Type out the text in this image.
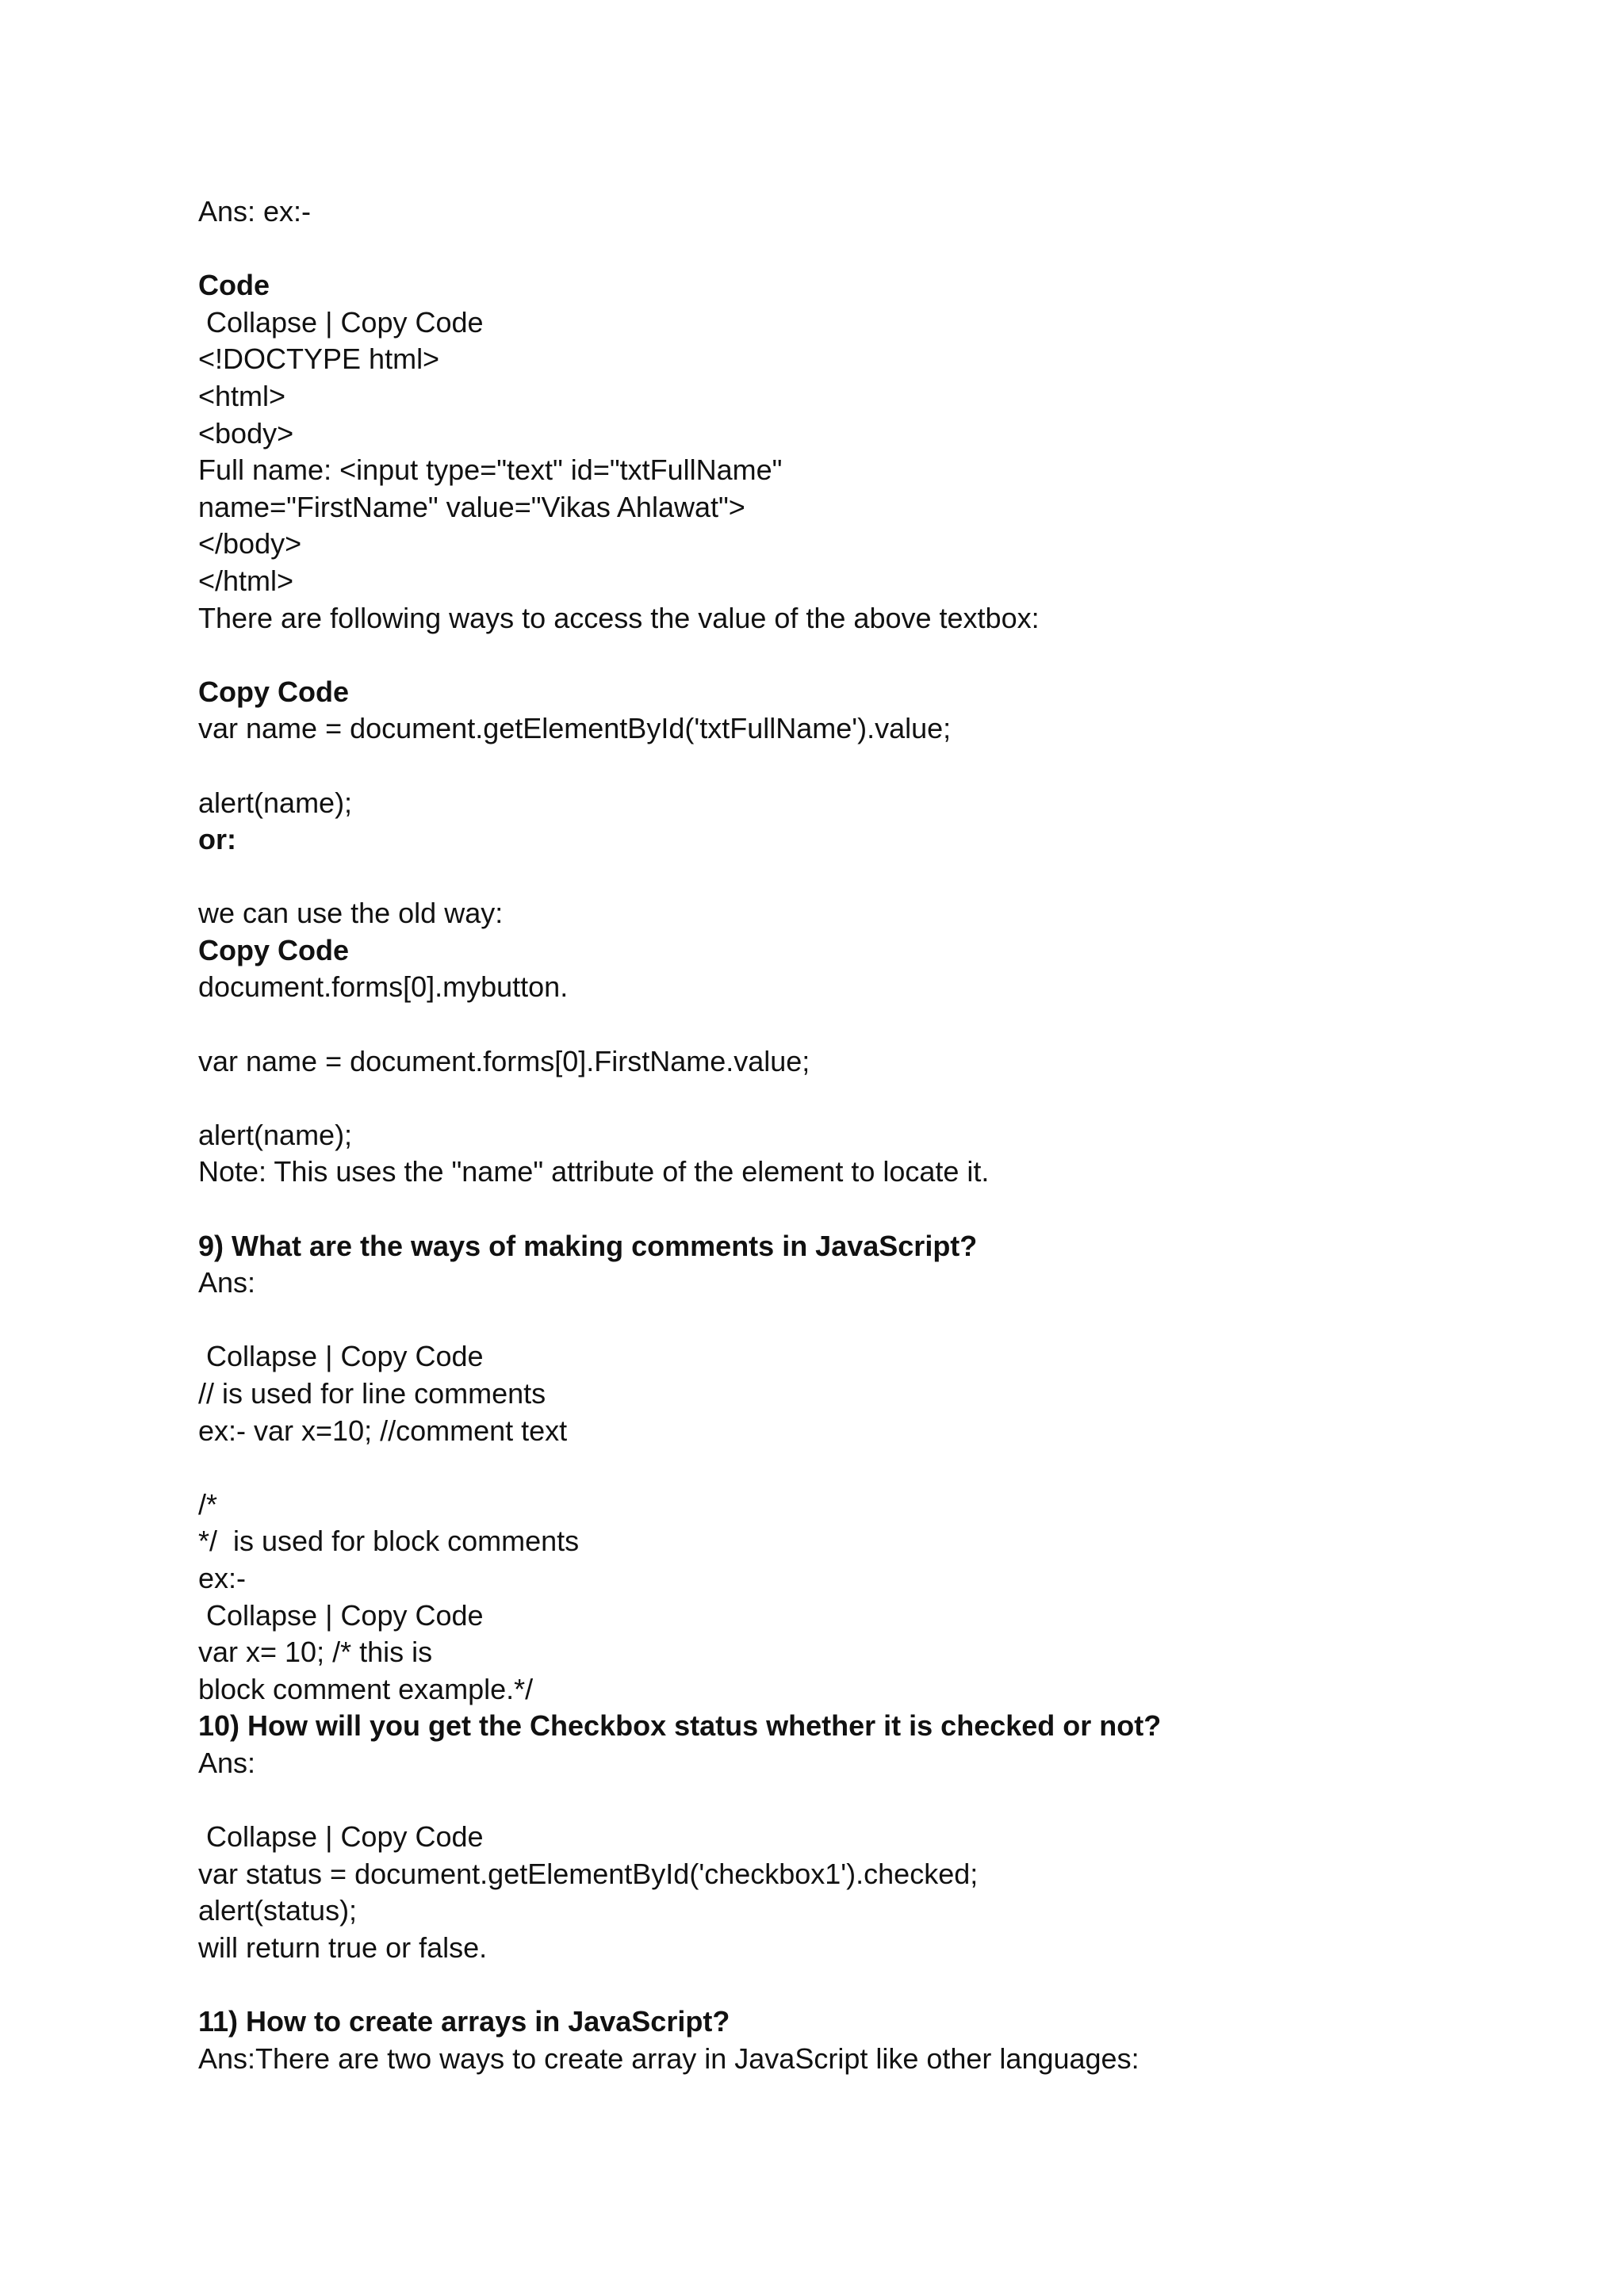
Ans: ex:-
Code
Collapse | Copy Code
<!DOCTYPE html>
<html>
<body>
Full name: <input type="text" id="txtFullName"
name="FirstName" value="Vikas Ahlawat">
</body>
</html>
There are following ways to access the value of the above textbox:
Copy Code
var name = document.getElementById('txtFullName').value;
alert(name);
or:
we can use the old way:
Copy Code
document.forms[0].mybutton.
var name = document.forms[0].FirstName.value;
alert(name);
Note: This uses the "name" attribute of the element to locate it.
9) What are the ways of making comments in JavaScript?
Ans:
Collapse | Copy Code
// is used for line comments
ex:- var x=10; //comment text
/*
*/  is used for block comments
ex:-
Collapse | Copy Code
var x= 10; /* this is
block comment example.*/
10) How will you get the Checkbox status whether it is checked or not?
Ans:
Collapse | Copy Code
var status = document.getElementById('checkbox1').checked;
alert(status);
will return true or false.
11) How to create arrays in JavaScript?
Ans:There are two ways to create array in JavaScript like other languages:
